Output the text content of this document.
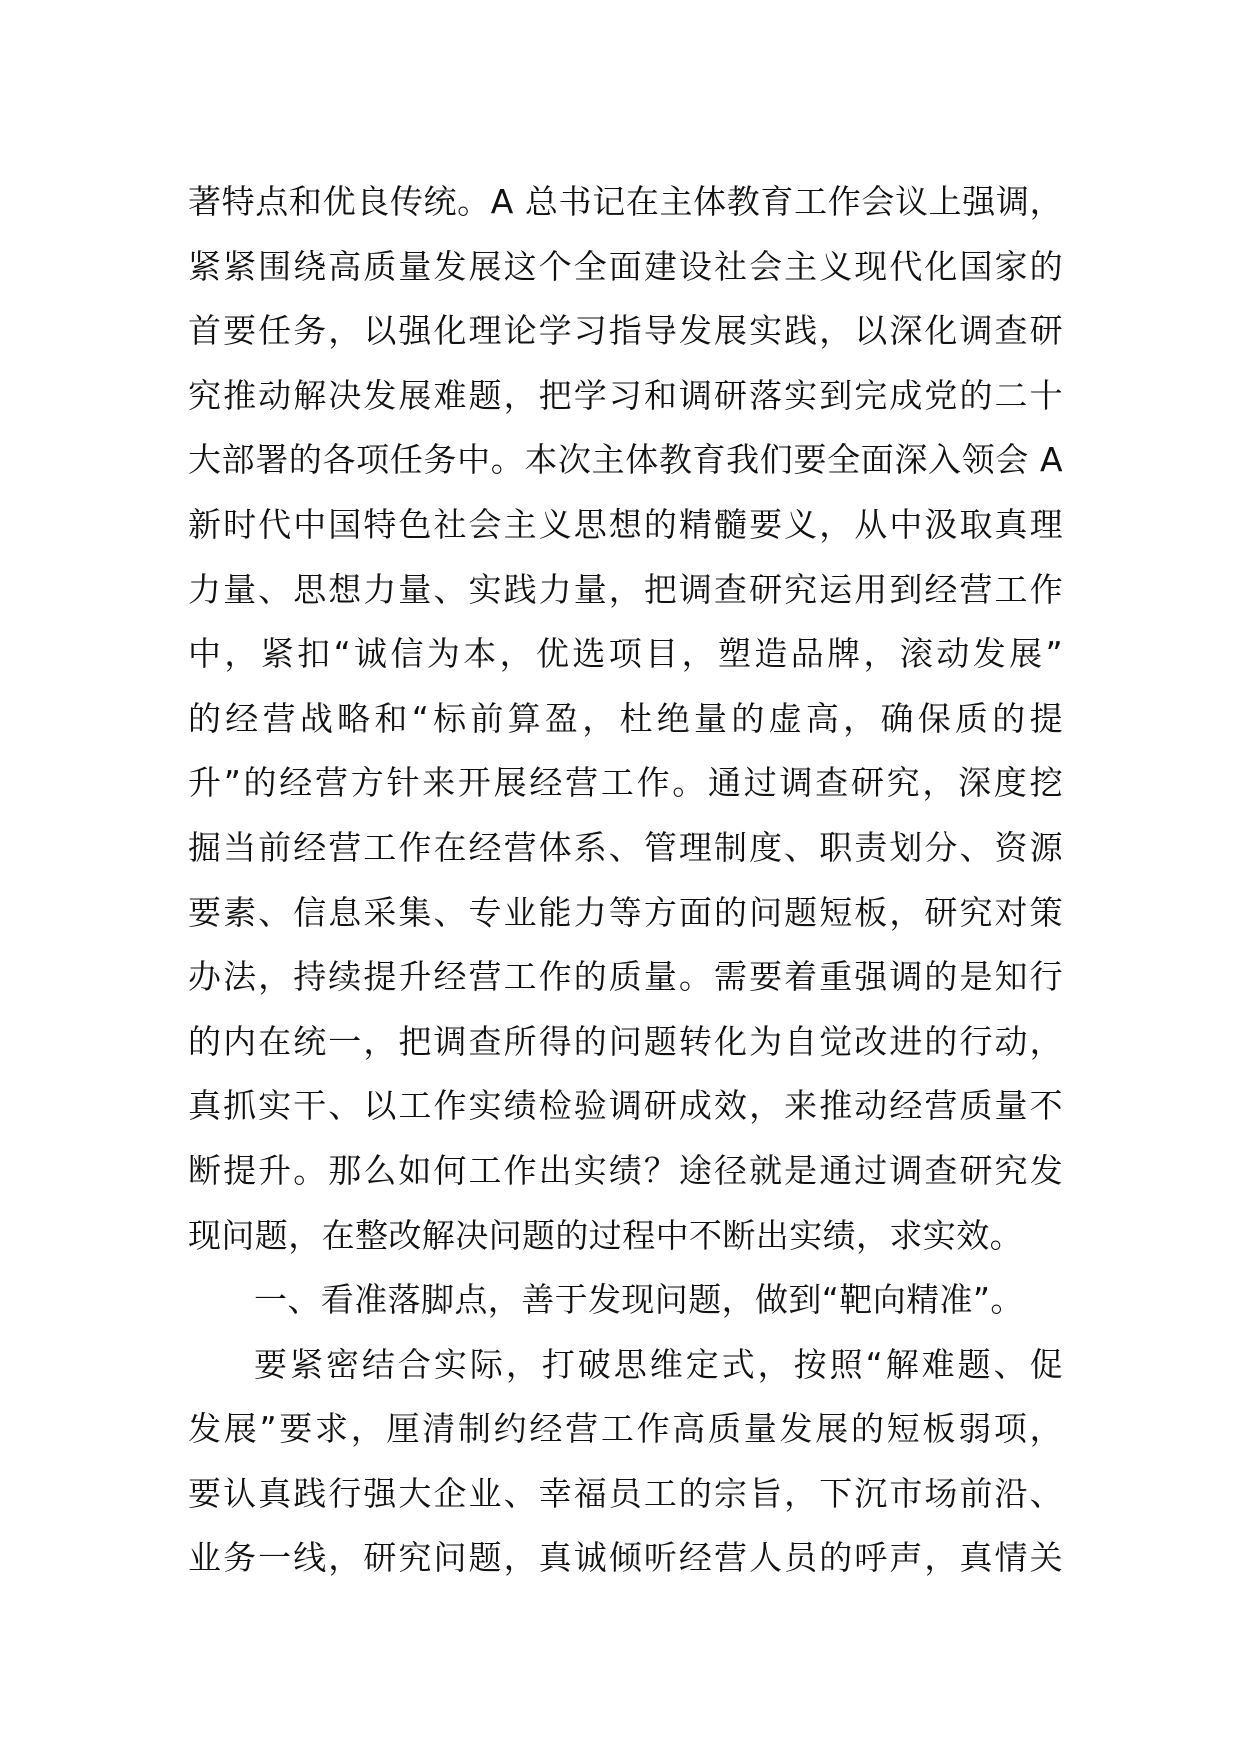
著特点和优良传统。A 总书记在主体教育工作会议上强调，
紧紧围绕高质量发展这个全面建设社会主义现代化国家的
首要任务，以强化理论学习指导发展实践，以深化调查研
究推动解决发展难题，把学习和调研落实到完成党的二十
大部署的各项任务中。本次主体教育我们要全面深入领会 A
新时代中国特色社会主义思想的精髓要义，从中汲取真理
力量、思想力量、实践力量，把调查研究运用到经营工作
中，紧扣“诚信为本，优选项目，塑造品牌，滚动发展”
的经营战略和“标前算盈，杜绝量的虚高，确保质的提
升”的经营方针来开展经营工作。通过调查研究，深度挖
掘当前经营工作在经营体系、管理制度、职责划分、资源
要素、信息采集、专业能力等方面的问题短板，研究对策
办法，持续提升经营工作的质量。需要着重强调的是知行
的内在统一，把调查所得的问题转化为自觉改进的行动，
真抓实干、以工作实绩检验调研成效，来推动经营质量不
断提升。那么如何工作出实绩？途径就是通过调查研究发
现问题，在整改解决问题的过程中不断出实绩，求实效。
一、看准落脚点，善于发现问题，做到“靶向精准”。
要紧密结合实际，打破思维定式，按照“解难题、促
发展”要求，厘清制约经营工作高质量发展的短板弱项，
要认真践行强大企业、幸福员工的宗旨，下沉市场前沿、
业务一线，研究问题，真诚倾听经营人员的呼声，真情关
